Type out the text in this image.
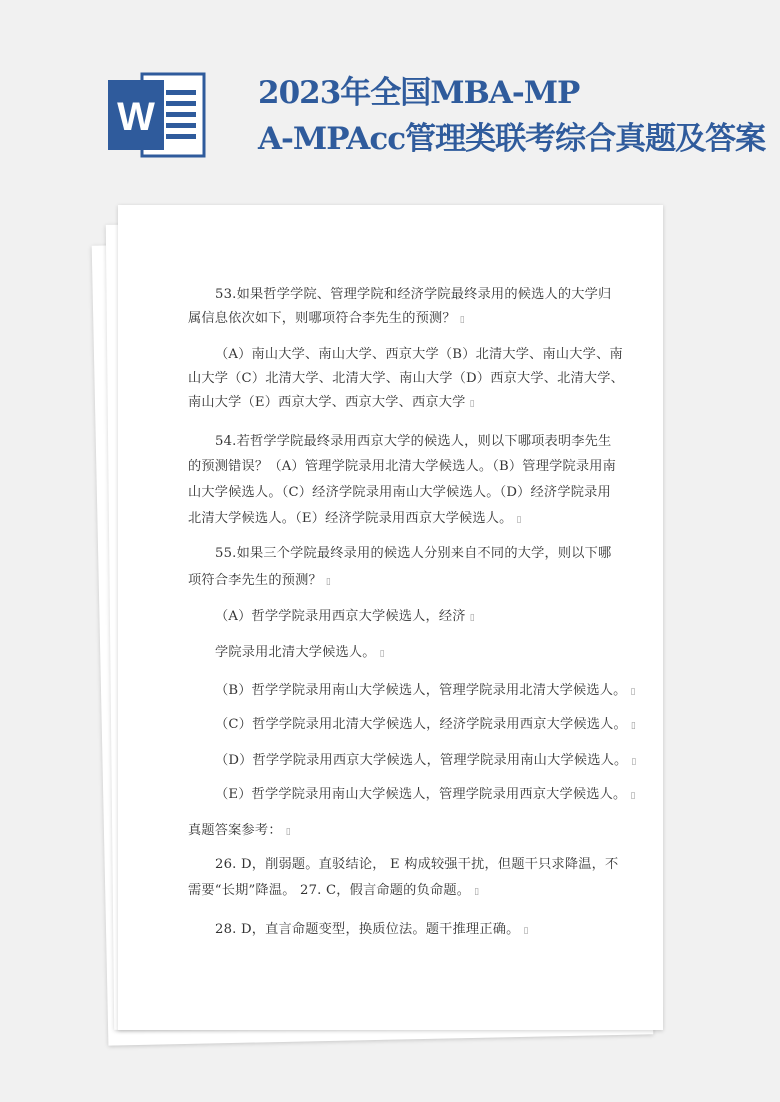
W
2023年全国MBA-MP
A-MPAcc管理类联考综合真题及答案
53.如果哲学学院、管理学院和经济学院最终录用的候选人的大学归
属信息依次如下，则哪项符合李先生的预测？ ▯
（A）南山大学、南山大学、西京大学（B）北清大学、南山大学、南
山大学（C）北清大学、北清大学、南山大学（D）西京大学、北清大学、
南山大学（E）西京大学、西京大学、西京大学 ▯
54.若哲学学院最终录用西京大学的候选人，则以下哪项表明李先生
的预测错误？（A）管理学院录用北清大学候选人。（B）管理学院录用南
山大学候选人。（C）经济学院录用南山大学候选人。（D）经济学院录用
北清大学候选人。（E）经济学院录用西京大学候选人。 ▯
55.如果三个学院最终录用的候选人分别来自不同的大学，则以下哪
项符合李先生的预测？ ▯
（A）哲学学院录用西京大学候选人，经济 ▯
学院录用北清大学候选人。 ▯
（B）哲学学院录用南山大学候选人，管理学院录用北清大学候选人。 ▯
（C）哲学学院录用北清大学候选人，经济学院录用西京大学候选人。 ▯
（D）哲学学院录用西京大学候选人，管理学院录用南山大学候选人。 ▯
（E）哲学学院录用南山大学候选人，管理学院录用西京大学候选人。 ▯
真题答案参考： ▯
26. D，削弱题。直驳结论， E 构成较强干扰，但题干只求降温，不
需要“长期”降温。 27. C，假言命题的负命题。 ▯
28. D，直言命题变型，换质位法。题干推理正确。 ▯
